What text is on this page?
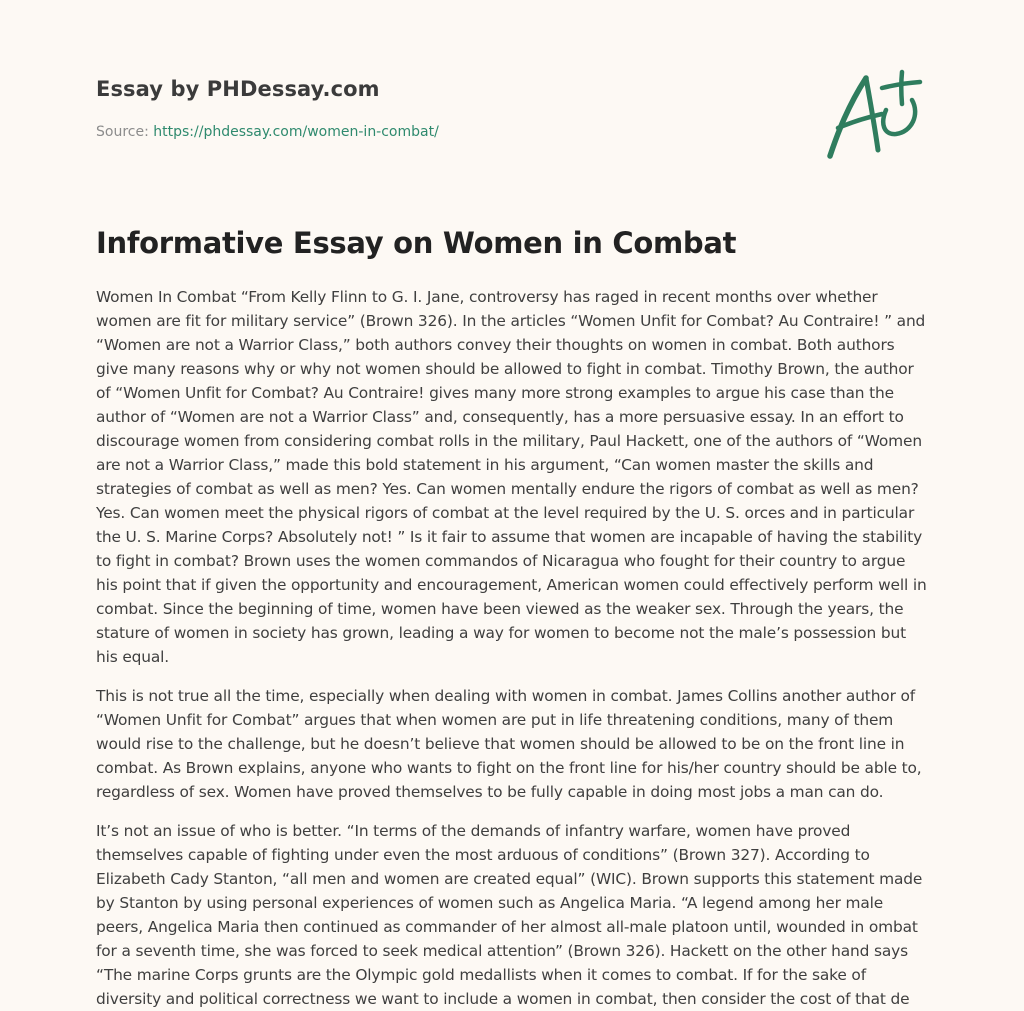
Essay by PHDessay.com
Source: https://phdessay.com/women-in-combat/
Informative Essay on Women in Combat

Women In Combat “From Kelly Flinn to G. I. Jane, controversy has raged in recent months over whether women are fit for military service” (Brown 326). In the articles “Women Unfit for Combat? Au Contraire! ” and “Women are not a Warrior Class,” both authors convey their thoughts on women in combat. Both authors give many reasons why or why not women should be allowed to fight in combat. Timothy Brown, the author of “Women Unfit for Combat? Au Contraire! gives many more strong examples to argue his case than the author of “Women are not a Warrior Class” and, consequently, has a more persuasive essay. In an effort to discourage women from considering combat rolls in the military, Paul Hackett, one of the authors of “Women are not a Warrior Class,” made this bold statement in his argument, “Can women master the skills and strategies of combat as well as men? Yes. Can women mentally endure the rigors of combat as well as men? Yes. Can women meet the physical rigors of combat at the level required by the U. S. orces and in particular the U. S. Marine Corps? Absolutely not! ” Is it fair to assume that women are incapable of having the stability to fight in combat? Brown uses the women commandos of Nicaragua who fought for their country to argue his point that if given the opportunity and encouragement, American women could effectively perform well in combat. Since the beginning of time, women have been viewed as the weaker sex. Through the years, the stature of women in society has grown, leading a way for women to become not the male’s possession but his equal.

This is not true all the time, especially when dealing with women in combat. James Collins another author of “Women Unfit for Combat” argues that when women are put in life threatening conditions, many of them would rise to the challenge, but he doesn’t believe that women should be allowed to be on the front line in combat. As Brown explains, anyone who wants to fight on the front line for his/her country should be able to, regardless of sex. Women have proved themselves to be fully capable in doing most jobs a man can do.

It’s not an issue of who is better. “In terms of the demands of infantry warfare, women have proved themselves capable of fighting under even the most arduous of conditions” (Brown 327). According to Elizabeth Cady Stanton, “all men and women are created equal” (WIC). Brown supports this statement made by Stanton by using personal experiences of women such as Angelica Maria. “A legend among her male peers, Angelica Maria then continued as commander of her almost all-male platoon until, wounded in ombat for a seventh time, she was forced to seek medical attention” (Brown 326). Hackett on the other hand says “The marine Corps grunts are the Olympic gold medallists when it comes to combat. If for the sake of diversity and political correctness we want to include a women in combat, then consider the cost of that de
